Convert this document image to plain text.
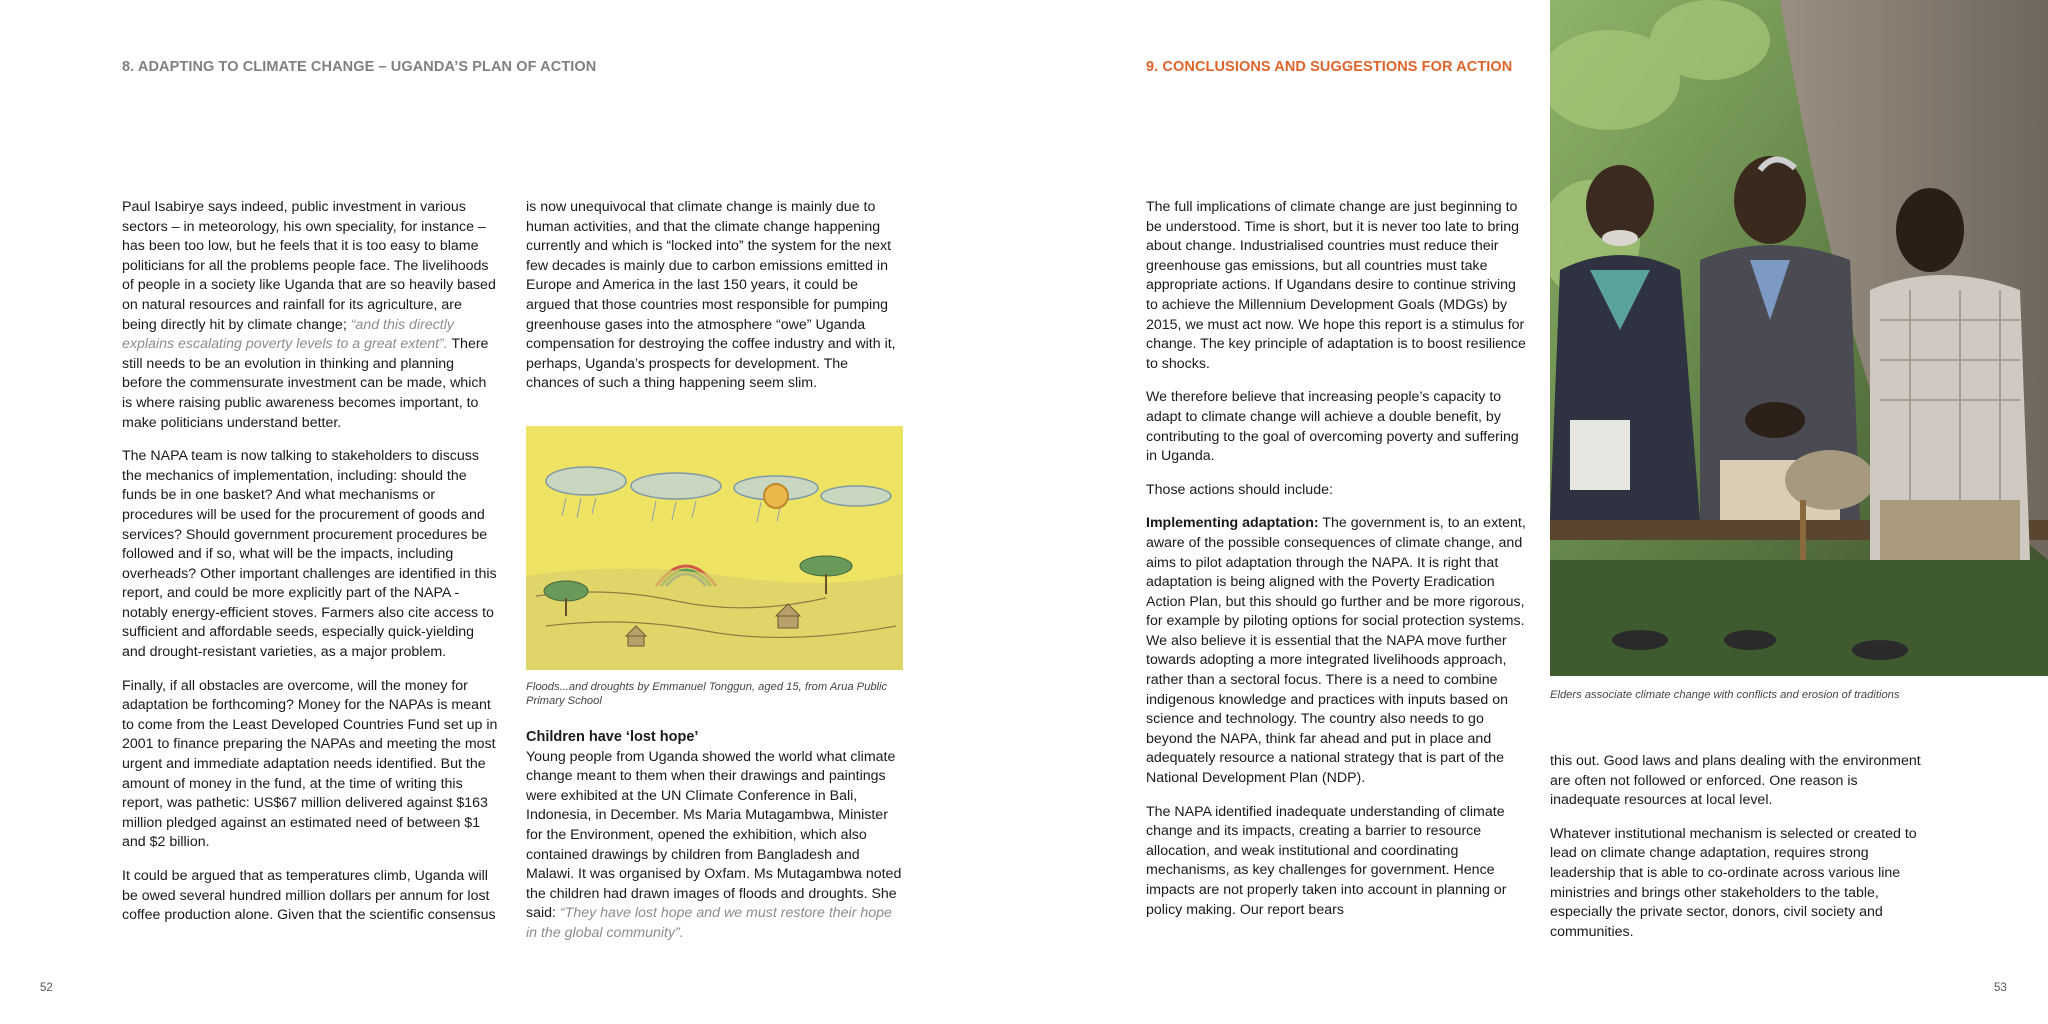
8. ADAPTING TO CLIMATE CHANGE – UGANDA’S PLAN OF ACTION

Paul Isabirye says indeed, public investment in various sectors – in meteorology, his own speciality, for instance – has been too low, but he feels that it is too easy to blame politicians for all the problems people face. The livelihoods of people in a society like Uganda that are so heavily based on natural resources and rainfall for its agriculture, are being directly hit by climate change; “and this directly explains escalating poverty levels to a great extent”. There still needs to be an evolution in thinking and planning before the commensurate investment can be made, which is where raising public awareness becomes important, to make politicians understand better.

The NAPA team is now talking to stakeholders to discuss the mechanics of implementation, including: should the funds be in one basket? And what mechanisms or procedures will be used for the procurement of goods and services? Should government procurement procedures be followed and if so, what will be the impacts, including overheads? Other important challenges are identified in this report, and could be more explicitly part of the NAPA - notably energy-efficient stoves. Farmers also cite access to sufficient and affordable seeds, especially quick-yielding and drought-resistant varieties, as a major problem.

Finally, if all obstacles are overcome, will the money for adaptation be forthcoming? Money for the NAPAs is meant to come from the Least Developed Countries Fund set up in 2001 to finance preparing the NAPAs and meeting the most urgent and immediate adaptation needs identified. But the amount of money in the fund, at the time of writing this report, was pathetic: US$67 million delivered against $163 million pledged against an estimated need of between $1 and $2 billion.

It could be argued that as temperatures climb, Uganda will be owed several hundred million dollars per annum for lost coffee production alone. Given that the scientific consensus

is now unequivocal that climate change is mainly due to human activities, and that the climate change happening currently and which is “locked into” the system for the next few decades is mainly due to carbon emissions emitted in Europe and America in the last 150 years, it could be argued that those countries most responsible for pumping greenhouse gases into the atmosphere “owe” Uganda compensation for destroying the coffee industry and with it, perhaps, Uganda’s prospects for development. The chances of such a thing happening seem slim.

Floods...and droughts by Emmanuel Tonggun, aged 15, from Arua Public Primary School
Children have ‘lost hope’

Young people from Uganda showed the world what climate change meant to them when their drawings and paintings were exhibited at the UN Climate Conference in Bali, Indonesia, in December. Ms Maria Mutagambwa, Minister for the Environment, opened the exhibition, which also contained drawings by children from Bangladesh and Malawi. It was organised by Oxfam. Ms Mutagambwa noted the children had drawn images of floods and droughts. She said: “They have lost hope and we must restore their hope in the global community”.

52
9. CONCLUSIONS AND SUGGESTIONS FOR ACTION

The full implications of climate change are just beginning to be understood. Time is short, but it is never too late to bring about change. Industrialised countries must reduce their greenhouse gas emissions, but all countries must take appropriate actions. If Ugandans desire to continue striving to achieve the Millennium Development Goals (MDGs) by 2015, we must act now. We hope this report is a stimulus for change. The key principle of adaptation is to boost resilience to shocks.

We therefore believe that increasing people’s capacity to adapt to climate change will achieve a double benefit, by contributing to the goal of overcoming poverty and suffering in Uganda.

Those actions should include:

Implementing adaptation: The government is, to an extent, aware of the possible consequences of climate change, and aims to pilot adaptation through the NAPA. It is right that adaptation is being aligned with the Poverty Eradication Action Plan, but this should go further and be more rigorous, for example by piloting options for social protection systems. We also believe it is essential that the NAPA move further towards adopting a more integrated livelihoods approach, rather than a sectoral focus. There is a need to combine indigenous knowledge and practices with inputs based on science and technology. The country also needs to go beyond the NAPA, think far ahead and put in place and adequately resource a national strategy that is part of the National Development Plan (NDP).

The NAPA identified inadequate understanding of climate change and its impacts, creating a barrier to resource allocation, and weak institutional and coordinating mechanisms, as key challenges for government. Hence impacts are not properly taken into account in planning or policy making. Our report bears

Elders associate climate change with conflicts and erosion of traditions

this out. Good laws and plans dealing with the environment are often not followed or enforced. One reason is inadequate resources at local level.

Whatever institutional mechanism is selected or created to lead on climate change adaptation, requires strong leadership that is able to co-ordinate across various line ministries and brings other stakeholders to the table, especially the private sector, donors, civil society and communities.

53
